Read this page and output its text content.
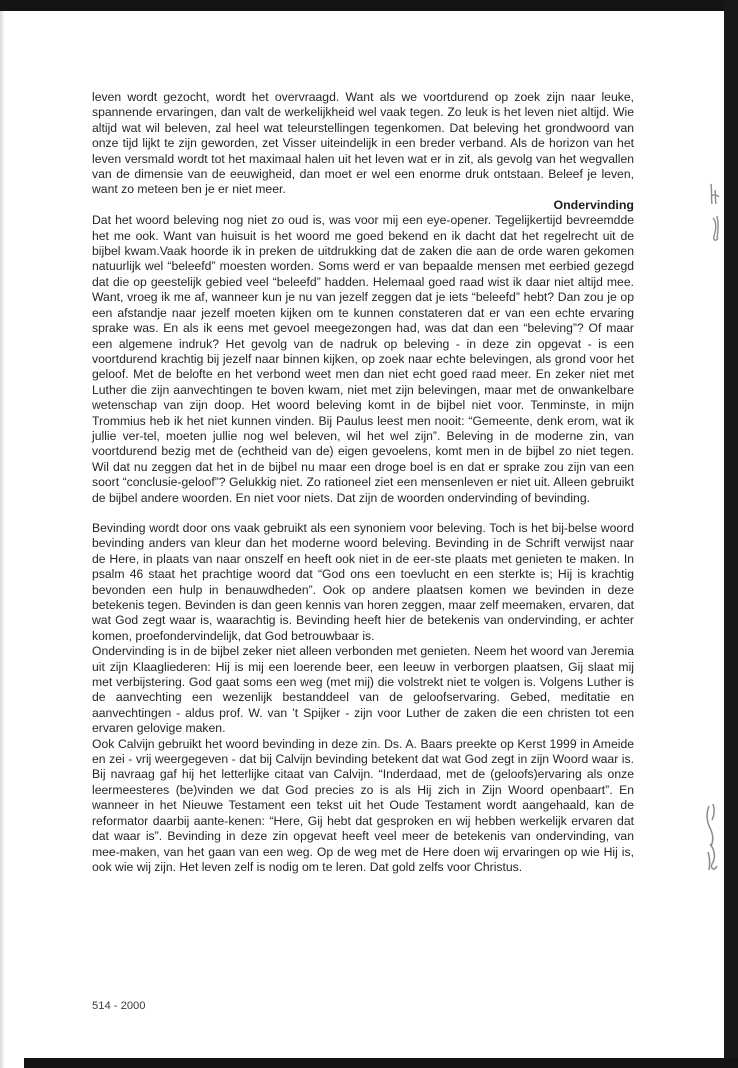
leven wordt gezocht, wordt het overvraagd. Want als we voortdurend op zoek zijn naar leuke, spannende ervaringen, dan valt de werkelijkheid wel vaak tegen. Zo leuk is het leven niet altijd. Wie altijd wat wil beleven, zal heel wat teleurstellingen tegenkomen. Dat beleving het grondwoord van onze tijd lijkt te zijn geworden, zet Visser uiteindelijk in een breder verband. Als de horizon van het leven versmald wordt tot het maximaal halen uit het leven wat er in zit, als gevolg van het wegvallen van de dimensie van de eeuwigheid, dan moet er wel een enorme druk ontstaan. Beleef je leven, want zo meteen ben je er niet meer.

Ondervinding

Dat het woord beleving nog niet zo oud is, was voor mij een eye-opener. Tegelijkertijd bevreemdde het me ook. Want van huisuit is het woord me goed bekend en ik dacht dat het regelrecht uit de bijbel kwam.Vaak hoorde ik in preken de uitdrukking dat de zaken die aan de orde waren gekomen natuurlijk wel “beleefd” moesten worden. Soms werd er van bepaalde mensen met eerbied gezegd dat die op geestelijk gebied veel “beleefd” hadden. Helemaal goed raad wist ik daar niet altijd mee. Want, vroeg ik me af, wanneer kun je nu van jezelf zeggen dat je iets “beleefd” hebt? Dan zou je op een afstandje naar jezelf moeten kijken om te kunnen constateren dat er van een echte ervaring sprake was. En als ik eens met gevoel meegezongen had, was dat dan een “beleving”? Of maar een algemene indruk? Het gevolg van de nadruk op beleving - in deze zin opgevat - is een voortdurend krachtig bij jezelf naar binnen kijken, op zoek naar echte belevingen, als grond voor het geloof. Met de belofte en het verbond weet men dan niet echt goed raad meer. En zeker niet met Luther die zijn aanvechtingen te boven kwam, niet met zijn belevingen, maar met de onwankelbare wetenschap van zijn doop. Het woord beleving komt in de bijbel niet voor. Tenminste, in mijn Trommius heb ik het niet kunnen vinden. Bij Paulus leest men nooit: “Gemeente, denk erom, wat ik jullie ver-tel, moeten jullie nog wel beleven, wil het wel zijn”. Beleving in de moderne zin, van voortdurend bezig met de (echtheid van de) eigen gevoelens, komt men in de bijbel zo niet tegen. Wil dat nu zeggen dat het in de bijbel nu maar een droge boel is en dat er sprake zou zijn van een soort “conclusie-geloof”? Gelukkig niet. Zo rationeel ziet een mensenleven er niet uit. Alleen gebruikt de bijbel andere woorden. En niet voor niets. Dat zijn de woorden ondervinding of bevinding.

Bevinding wordt door ons vaak gebruikt als een synoniem voor beleving. Toch is het bij-belse woord bevinding anders van kleur dan het moderne woord beleving. Bevinding in de Schrift verwijst naar de Here, in plaats van naar onszelf en heeft ook niet in de eer-ste plaats met genieten te maken. In psalm 46 staat het prachtige woord dat “God ons een toevlucht en een sterkte is; Hij is krachtig bevonden een hulp in benauwdheden”. Ook op andere plaatsen komen we bevinden in deze betekenis tegen. Bevinden is dan geen kennis van horen zeggen, maar zelf meemaken, ervaren, dat wat God zegt waar is, waarachtig is. Bevinding heeft hier de betekenis van ondervinding, er achter komen, proefondervindelijk, dat God betrouwbaar is.

Ondervinding is in de bijbel zeker niet alleen verbonden met genieten. Neem het woord van Jeremia uit zijn Klaagliederen: Hij is mij een loerende beer, een leeuw in verborgen plaatsen, Gij slaat mij met verbijstering. God gaat soms een weg (met mij) die volstrekt niet te volgen is. Volgens Luther is de aanvechting een wezenlijk bestanddeel van de geloofservaring. Gebed, meditatie en aanvechtingen - aldus prof. W. van ’t Spijker - zijn voor Luther de zaken die een christen tot een ervaren gelovige maken.

Ook Calvijn gebruikt het woord bevinding in deze zin. Ds. A. Baars preekte op Kerst 1999 in Ameide en zei - vrij weergegeven - dat bij Calvijn bevinding betekent dat wat God zegt in zijn Woord waar is. Bij navraag gaf hij het letterlijke citaat van Calvijn. “Inderdaad, met de (geloofs)ervaring als onze leermeesteres (be)vinden we dat God precies zo is als Hij zich in Zijn Woord openbaart”. En wanneer in het Nieuwe Testament een tekst uit het Oude Testament wordt aangehaald, kan de reformator daarbij aante-kenen: “Here, Gij hebt dat gesproken en wij hebben werkelijk ervaren dat dat waar is”. Bevinding in deze zin opgevat heeft veel meer de betekenis van ondervinding, van mee-maken, van het gaan van een weg. Op de weg met de Here doen wij ervaringen op wie Hij is, ook wie wij zijn. Het leven zelf is nodig om te leren. Dat gold zelfs voor Christus.

514 - 2000
